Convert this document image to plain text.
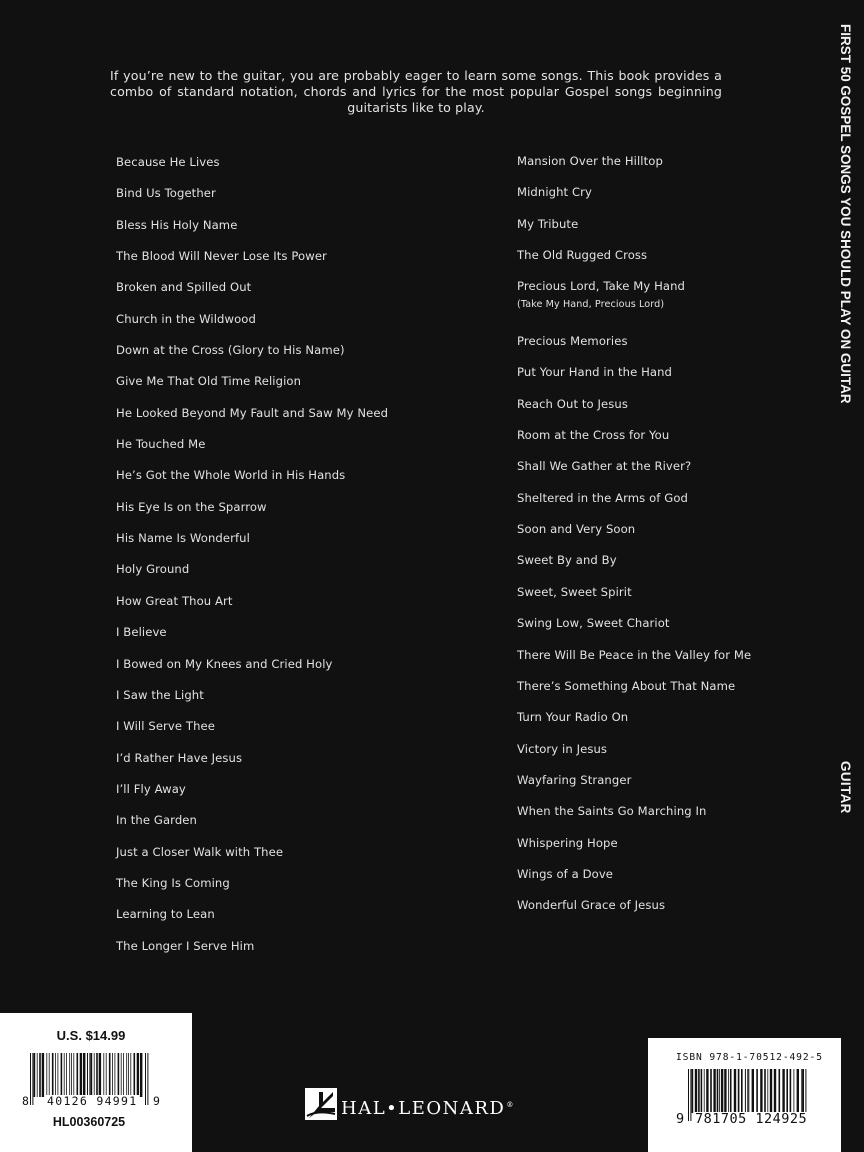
If you’re new to the guitar, you are probably eager to learn some songs. This book provides a combo of standard notation, chords and lyrics for the most popular Gospel songs beginning guitarists like to play.

Because He Lives
Bind Us Together
Bless His Holy Name
The Blood Will Never Lose Its Power
Broken and Spilled Out
Church in the Wildwood
Down at the Cross (Glory to His Name)
Give Me That Old Time Religion
He Looked Beyond My Fault and Saw My Need
He Touched Me
He’s Got the Whole World in His Hands
His Eye Is on the Sparrow
His Name Is Wonderful
Holy Ground
How Great Thou Art
I Believe
I Bowed on My Knees and Cried Holy
I Saw the Light
I Will Serve Thee
I’d Rather Have Jesus
I’ll Fly Away
In the Garden
Just a Closer Walk with Thee
The King Is Coming
Learning to Lean
The Longer I Serve Him
Mansion Over the Hilltop
Midnight Cry
My Tribute
The Old Rugged Cross
Precious Lord, Take My Hand
(Take My Hand, Precious Lord)
Precious Memories
Put Your Hand in the Hand
Reach Out to Jesus
Room at the Cross for You
Shall We Gather at the River?
Sheltered in the Arms of God
Soon and Very Soon
Sweet By and By
Sweet, Sweet Spirit
Swing Low, Sweet Chariot
There Will Be Peace in the Valley for Me
There’s Something About That Name
Turn Your Radio On
Victory in Jesus
Wayfaring Stranger
When the Saints Go Marching In
Whispering Hope
Wings of a Dove
Wonderful Grace of Jesus
FIRST 50 GOSPEL SONGS YOU SHOULD PLAY ON GUITAR
GUITAR
U.S. $14.99
8 40126 94991 9
HL00360725
HAL•LEONARD®
ISBN 978-1-70512-492-5
9 781705 124925
